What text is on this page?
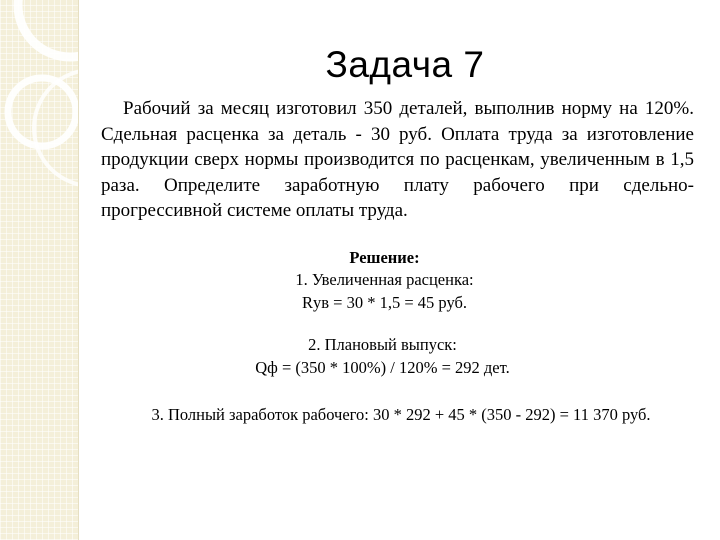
Задача 7

Рабочий за месяц изготовил 350 деталей, выполнив норму на 120%. Сдельная расценка за деталь - 30 руб. Оплата труда за изготовление продукции сверх нормы производится по расценкам, увеличенным в 1,5 раза. Определите заработную плату рабочего при сдельно-прогрессивной системе оплаты труда.

Решение:
1. Увеличенная расценка:
Rув = 30 * 1,5 = 45 руб.
2. Плановый выпуск:
Qф = (350 * 100%) / 120% = 292 дет.
3. Полный заработок рабочего: 30 * 292 + 45 * (350 - 292) = 11 370 руб.
